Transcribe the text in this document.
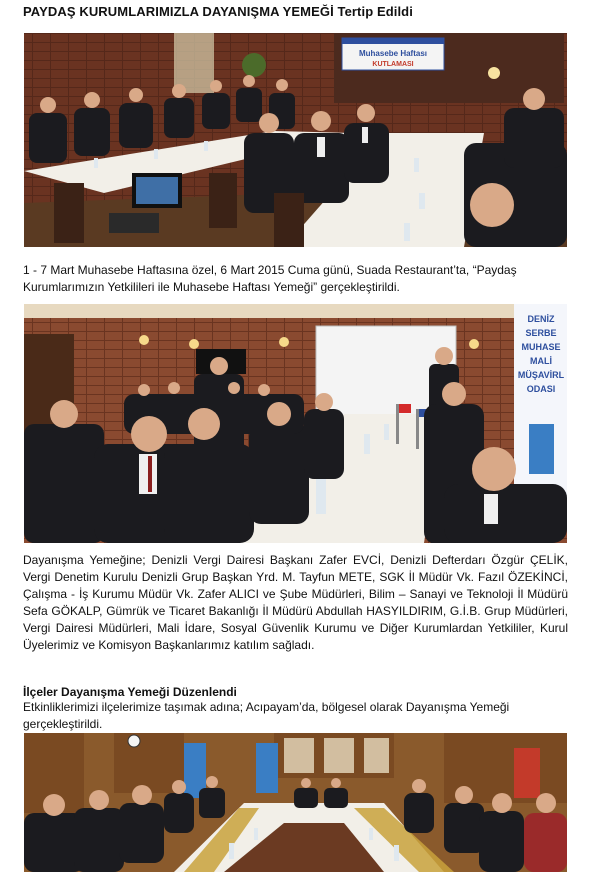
PAYDAŞ KURUMLARIMIZLA DAYANIŞMA YEMEĞİ Tertip Edildi
Muhasebe Haftası
KUTLAMASI

1 - 7 Mart Muhasebe Haftasına özel, 6 Mart 2015 Cuma günü, Suada Restaurant’ta, “Paydaş Kurumlarımızın Yetkilileri ile Muhasebe Haftası Yemeği” gerçekleştirildi.

DENİZ
SERBE
MUHASE
MALİ
MÜŞAVİRL
ODASI

Dayanışma Yemeğine; Denizli Vergi Dairesi Başkanı Zafer EVCİ, Denizli Defterdarı Özgür ÇELİK, Vergi Denetim Kurulu Denizli Grup Başkan Yrd. M. Tayfun METE, SGK İl Müdür Vk. Fazıl ÖZEKİNCİ, Çalışma - İş Kurumu Müdür Vk. Zafer ALICI ve Şube Müdürleri, Bilim – Sanayi ve Teknoloji İl Müdürü Sefa GÖKALP, Gümrük ve Ticaret Bakanlığı İl Müdürü Abdullah HASYILDIRIM, G.İ.B. Grup Müdürleri, Vergi Dairesi Müdürleri, Mali İdare, Sosyal Güvenlik Kurumu ve Diğer Kurumlardan Yetkililer, Kurul Üyelerimiz ve Komisyon Başkanlarımız katılım sağladı.

İlçeler Dayanışma Yemeği Düzenlendi

Etkinliklerimizi ilçelerimize taşımak adına; Acıpayam’da, bölgesel olarak Dayanışma Yemeği gerçekleştirildi.
